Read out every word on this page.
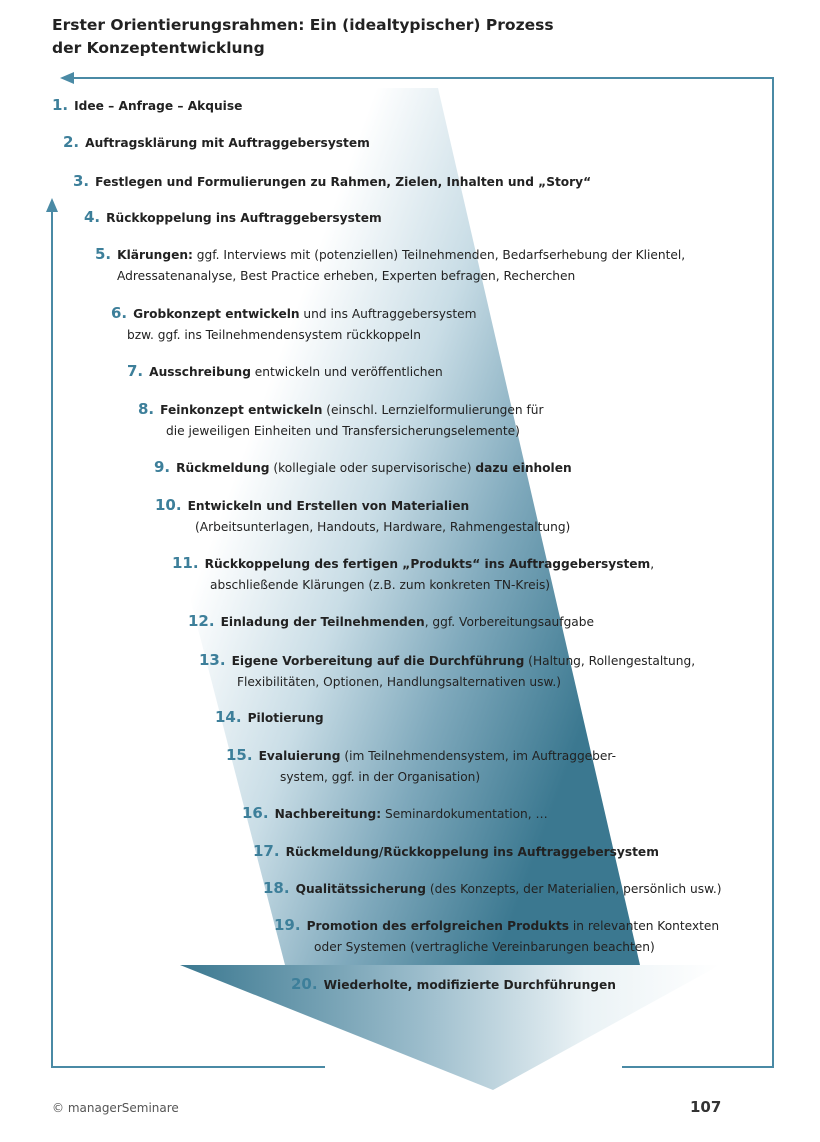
Erster Orientierungsrahmen: Ein (idealtypischer) Prozess
der Konzeptentwicklung
1. Idee – Anfrage – Akquise
2. Auftragsklärung mit Auftraggebersystem
3. Festlegen und Formulierungen zu Rahmen, Zielen, Inhalten und „Story“
4. Rückkoppelung ins Auftraggebersystem
5. Klärungen: ggf. Interviews mit (potenziellen) Teilnehmenden, Bedarfserhebung der Klientel,
Adressatenanalyse, Best Practice erheben, Experten befragen, Recherchen
6. Grobkonzept entwickeln und ins Auftraggebersystem
bzw. ggf. ins Teilnehmendensystem rückkoppeln
7. Ausschreibung entwickeln und veröffentlichen
8. Feinkonzept entwickeln (einschl. Lernzielformulierungen für
die jeweiligen Einheiten und Transfersicherungselemente)
9. Rückmeldung (kollegiale oder supervisorische) dazu einholen
10. Entwickeln und Erstellen von Materialien
(Arbeitsunterlagen, Handouts, Hardware, Rahmengestaltung)
11. Rückkoppelung des fertigen „Produkts“ ins Auftraggebersystem,
abschließende Klärungen (z.B. zum konkreten TN-Kreis)
12. Einladung der Teilnehmenden, ggf. Vorbereitungsaufgabe
13. Eigene Vorbereitung auf die Durchführung (Haltung, Rollengestaltung,
Flexibilitäten, Optionen, Handlungsalternativen usw.)
14. Pilotierung
15. Evaluierung (im Teilnehmendensystem, im Auftraggeber-
system, ggf. in der Organisation)
16. Nachbereitung: Seminardokumentation, …
17. Rückmeldung/Rückkoppelung ins Auftraggebersystem
18. Qualitätssicherung (des Konzepts, der Materialien, persönlich usw.)
19. Promotion des erfolgreichen Produkts in relevanten Kontexten
oder Systemen (vertragliche Vereinbarungen beachten)
20. Wiederholte, modifizierte Durchführungen
© managerSeminare	107
